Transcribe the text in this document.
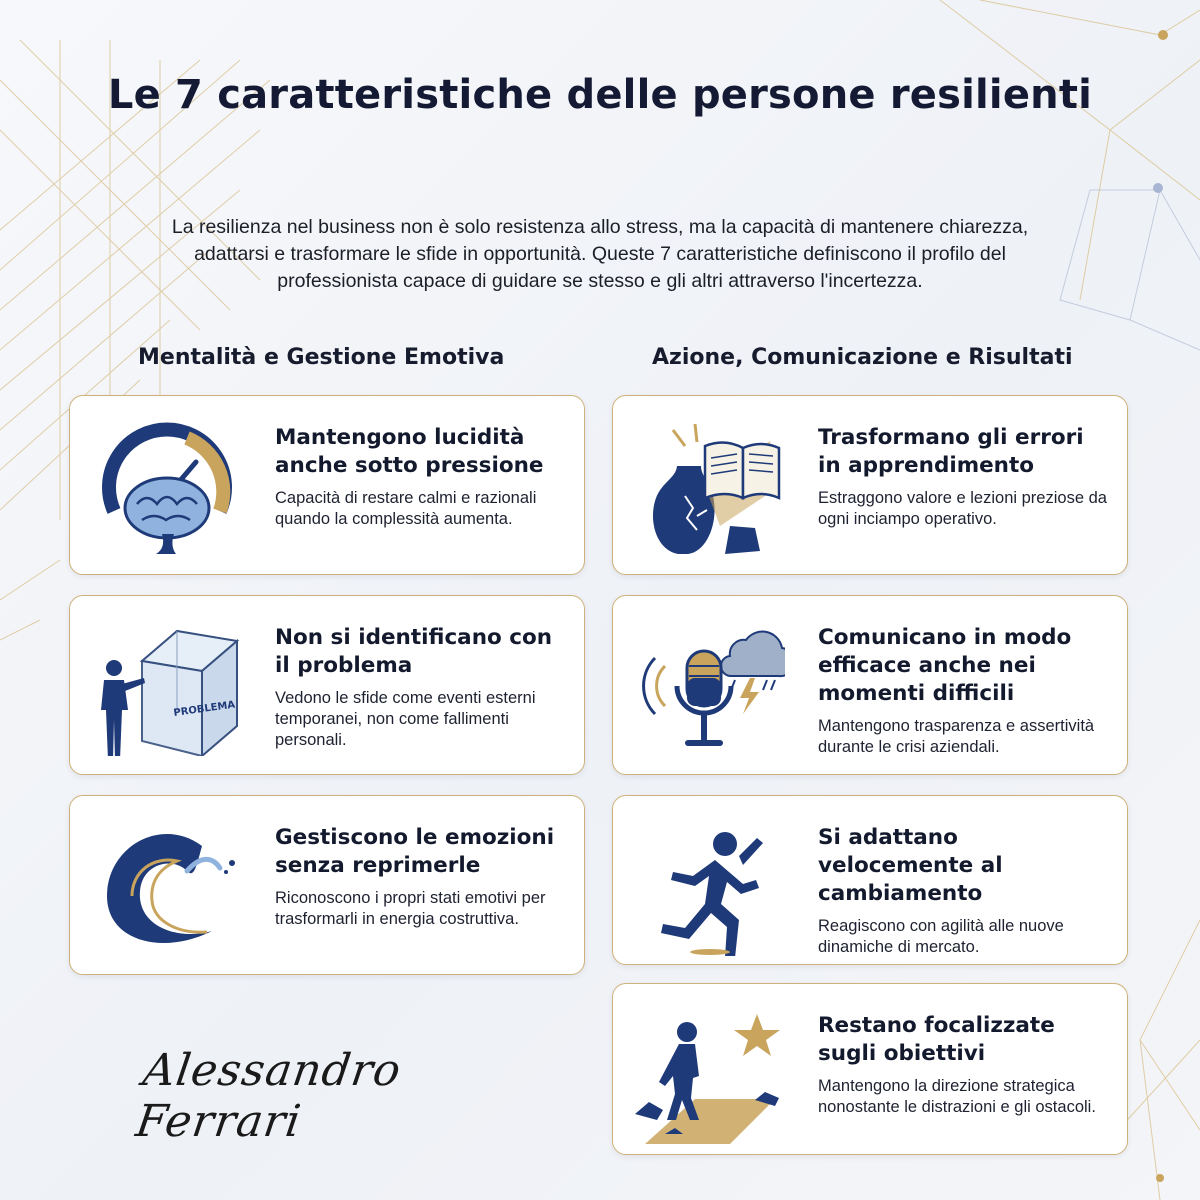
Le 7 caratteristiche delle persone resilienti
La resilienza nel business non è solo resistenza allo stress, ma la capacità di mantenere chiarezza, adattarsi e trasformare le sfide in opportunità. Queste 7 caratteristiche definiscono il profilo del professionista capace di guidare se stesso e gli altri attraverso l'incertezza.
Mentalità e Gestione Emotiva	Azione, Comunicazione e Risultati
Mantengono lucidità anche sotto pressione
Capacità di restare calmi e razionali quando la complessità aumenta.
PROBLEMA
Non si identificano con il problema
Vedono le sfide come eventi esterni temporanei, non come fallimenti personali.
Gestiscono le emozioni senza reprimerle
Riconoscono i propri stati emotivi per trasformarli in energia costruttiva.
Trasformano gli errori in apprendimento
Estraggono valore e lezioni preziose da ogni inciampo operativo.
Comunicano in modo efficace anche nei momenti difficili
Mantengono trasparenza e assertività durante le crisi aziendali.
Si adattano velocemente al cambiamento
Reagiscono con agilità alle nuove dinamiche di mercato.
Restano focalizzate sugli obiettivi
Mantengono la direzione strategica nonostante le distrazioni e gli ostacoli.
Alessandro Ferrari
